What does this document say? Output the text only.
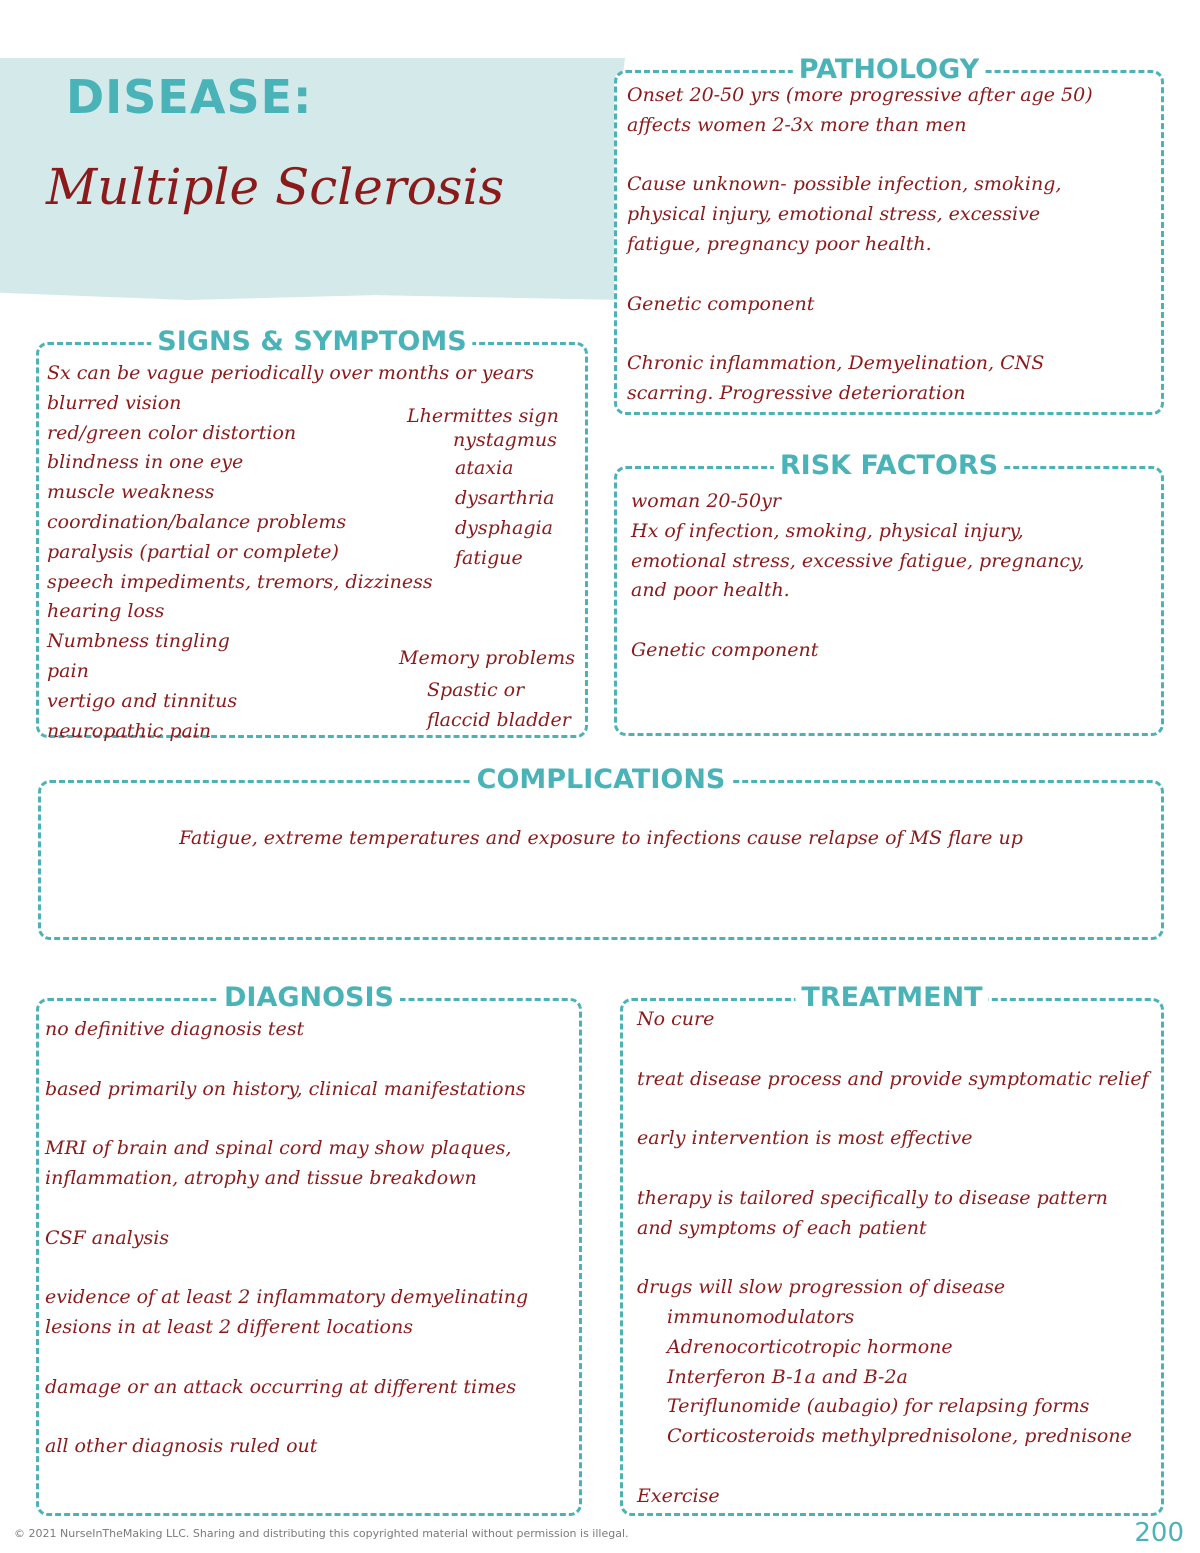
DISEASE:
Multiple Sclerosis
PATHOLOGY
Onset 20-50 yrs (more progressive after age 50)
affects women 2-3x more than men
Cause unknown- possible infection, smoking,
physical injury, emotional stress, excessive
fatigue, pregnancy poor health.
Genetic component
Chronic inflammation, Demyelination, CNS
scarring. Progressive deterioration
SIGNS & SYMPTOMS
Sx can be vague periodically over months or years
blurred vision
red/green color distortion
blindness in one eye
muscle weakness
coordination/balance problems
paralysis (partial or complete)
speech impediments, tremors, dizziness
hearing loss
Numbness tingling
pain
vertigo and tinnitus
neuropathic pain
Lhermittes sign
nystagmus
ataxia
dysarthria
dysphagia
fatigue
Memory problems
Spastic or
flaccid bladder
RISK FACTORS
woman 20-50yr
Hx of infection, smoking, physical injury,
emotional stress, excessive fatigue, pregnancy,
and poor health.
Genetic component
COMPLICATIONS
Fatigue, extreme temperatures and exposure to infections cause relapse of MS flare up
DIAGNOSIS
no definitive diagnosis test
based primarily on history, clinical manifestations
MRI of brain and spinal cord may show plaques,
inflammation, atrophy and tissue breakdown
CSF analysis
evidence of at least 2 inflammatory demyelinating
lesions in at least 2 different locations
damage or an attack occurring at different times
all other diagnosis ruled out
TREATMENT
No cure
treat disease process and provide symptomatic relief
early intervention is most effective
therapy is tailored specifically to disease pattern
and symptoms of each patient
drugs will slow progression of disease
immunomodulators
Adrenocorticotropic hormone
Interferon B-1a and B-2a
Teriflunomide (aubagio) for relapsing forms
Corticosteroids methylprednisolone, prednisone
Exercise
© 2021 NurseInTheMaking LLC. Sharing and distributing this copyrighted material without permission is illegal.	200
